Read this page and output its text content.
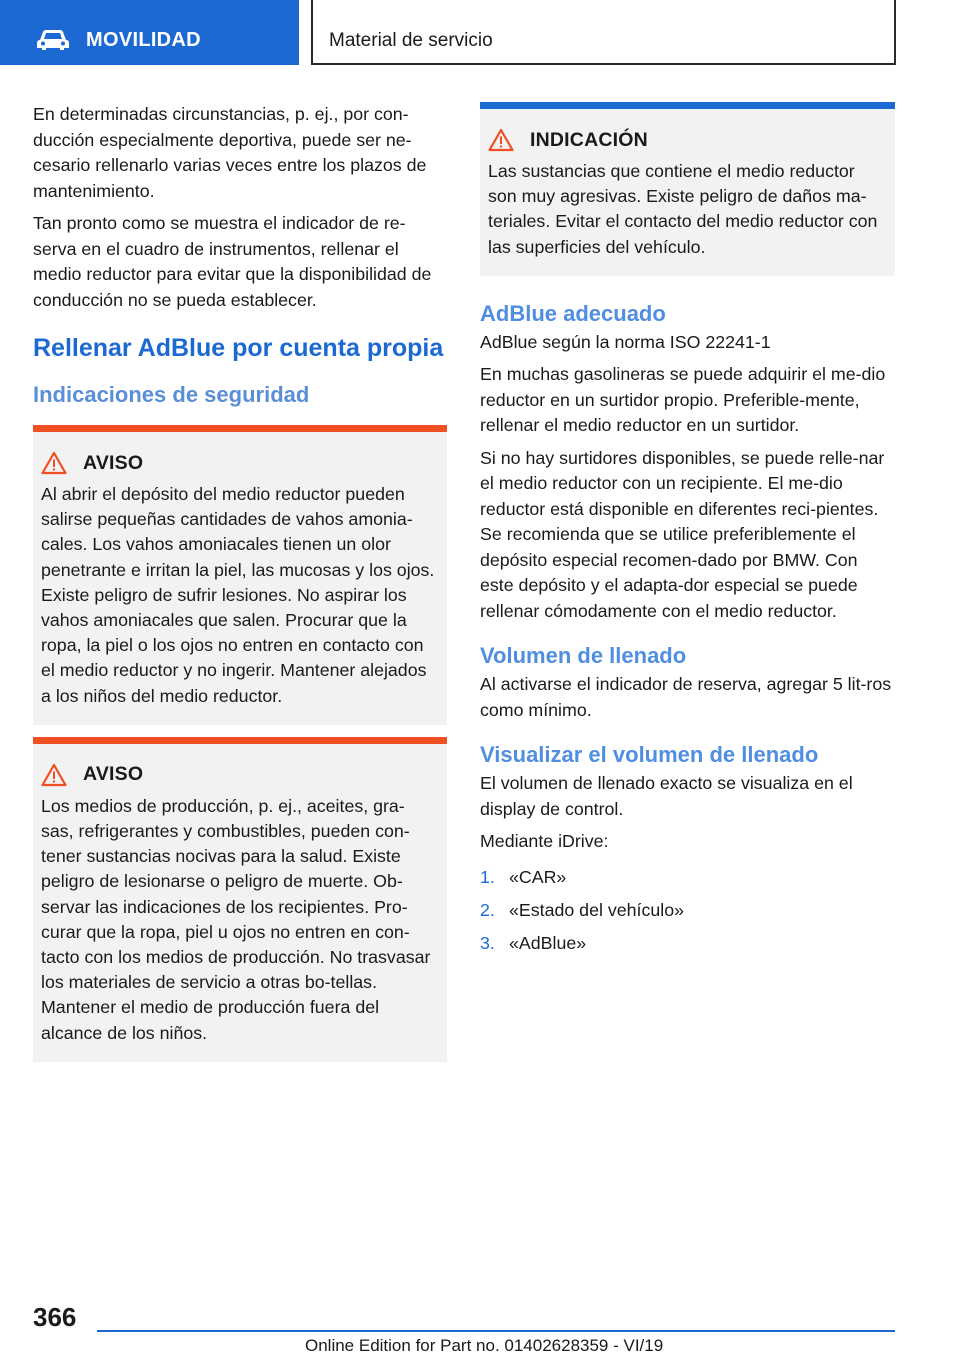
MOVILIDAD	Material de servicio

En determinadas circunstancias, p. ej., por con-ducción especialmente deportiva, puede ser ne-cesario rellenarlo varias veces entre los plazos de mantenimiento.

Tan pronto como se muestra el indicador de re-serva en el cuadro de instrumentos, rellenar el medio reductor para evitar que la disponibilidad de conducción no se pueda establecer.

Rellenar AdBlue por cuenta propia
Indicaciones de seguridad
AVISO

Al abrir el depósito del medio reductor pueden salirse pequeñas cantidades de vahos amonia-cales. Los vahos amoniacales tienen un olor penetrante e irritan la piel, las mucosas y los ojos. Existe peligro de sufrir lesiones. No aspirar los vahos amoniacales que salen. Procurar que la ropa, la piel o los ojos no entren en contacto con el medio reductor y no ingerir. Mantener alejados a los niños del medio reductor.

AVISO

Los medios de producción, p. ej., aceites, gra-sas, refrigerantes y combustibles, pueden con-tener sustancias nocivas para la salud. Existe peligro de lesionarse o peligro de muerte. Ob-servar las indicaciones de los recipientes. Pro-curar que la ropa, piel u ojos no entren en con-tacto con los medios de producción. No trasvasar los materiales de servicio a otras bo-tellas. Mantener el medio de producción fuera del alcance de los niños.

INDICACIÓN

Las sustancias que contiene el medio reductor son muy agresivas. Existe peligro de daños ma-teriales. Evitar el contacto del medio reductor con las superficies del vehículo.

AdBlue adecuado

AdBlue según la norma ISO 22241-1

En muchas gasolineras se puede adquirir el me-dio reductor en un surtidor propio. Preferible-mente, rellenar el medio reductor en un surtidor.

Si no hay surtidores disponibles, se puede relle-nar el medio reductor con un recipiente. El me-dio reductor está disponible en diferentes reci-pientes. Se recomienda que se utilice preferiblemente el depósito especial recomen-dado por BMW. Con este depósito y el adapta-dor especial se puede rellenar cómodamente con el medio reductor.

Volumen de llenado

Al activarse el indicador de reserva, agregar 5 lit-ros como mínimo.

Visualizar el volumen de llenado

El volumen de llenado exacto se visualiza en el display de control.

Mediante iDrive:

1. «CAR»
2. «Estado del vehículo»
3. «AdBlue»
366
Online Edition for Part no. 01402628359 - VI/19
